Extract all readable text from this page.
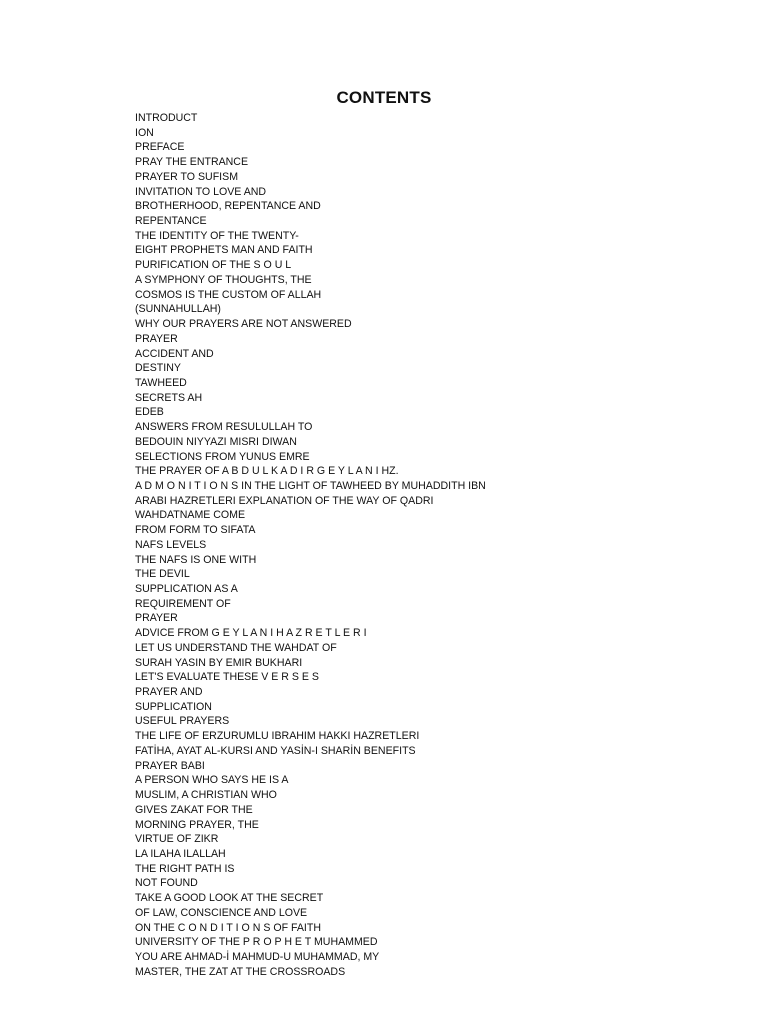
CONTENTS
INTRODUCT
ION
PREFACE
PRAY THE ENTRANCE
PRAYER TO SUFISM
INVITATION TO LOVE AND
BROTHERHOOD, REPENTANCE AND
REPENTANCE
THE IDENTITY OF THE TWENTY-
EIGHT PROPHETS MAN AND FAITH
PURIFICATION OF THE S O U L
A SYMPHONY OF THOUGHTS, THE
COSMOS IS THE CUSTOM OF ALLAH
(SUNNAHULLAH)
WHY OUR PRAYERS ARE NOT ANSWERED
PRAYER
ACCIDENT AND
DESTINY
TAWHEED
SECRETS AH
EDEB
ANSWERS FROM RESULULLAH TO
BEDOUIN NIYYAZI MISRI DIWAN
SELECTIONS FROM YUNUS EMRE
THE PRAYER OF A B D U L K A D I R G E Y L A N I HZ.
A D M O N I T I O N S IN THE LIGHT OF TAWHEED BY MUHADDITH IBN
ARABI HAZRETLERI EXPLANATION OF THE WAY OF QADRI
WAHDATNAME COME
FROM FORM TO SIFATA
NAFS LEVELS
THE NAFS IS ONE WITH
THE DEVIL
SUPPLICATION AS A
REQUIREMENT OF
PRAYER
ADVICE FROM G E Y L A N I H A Z R E T L E R I
LET US UNDERSTAND THE WAHDAT OF
SURAH YASIN BY EMIR BUKHARI
LET'S EVALUATE THESE V E R S E S
PRAYER AND
SUPPLICATION
USEFUL PRAYERS
THE LIFE OF ERZURUMLU IBRAHIM HAKKI HAZRETLERI
FATİHA, AYAT AL-KURSI AND YASİN-I SHARİN BENEFITS
PRAYER BABI
A PERSON WHO SAYS HE IS A
MUSLIM, A CHRISTIAN WHO
GIVES ZAKAT FOR THE
MORNING PRAYER, THE
VIRTUE OF ZIKR
LA ILAHA ILALLAH
THE RIGHT PATH IS
NOT FOUND
TAKE A GOOD LOOK AT THE SECRET
OF LAW, CONSCIENCE AND LOVE
ON THE C O N D I T I O N S OF FAITH
UNIVERSITY OF THE P R O P H E T MUHAMMED
YOU ARE AHMAD-İ MAHMUD-U MUHAMMAD, MY
MASTER, THE ZAT AT THE CROSSROADS
